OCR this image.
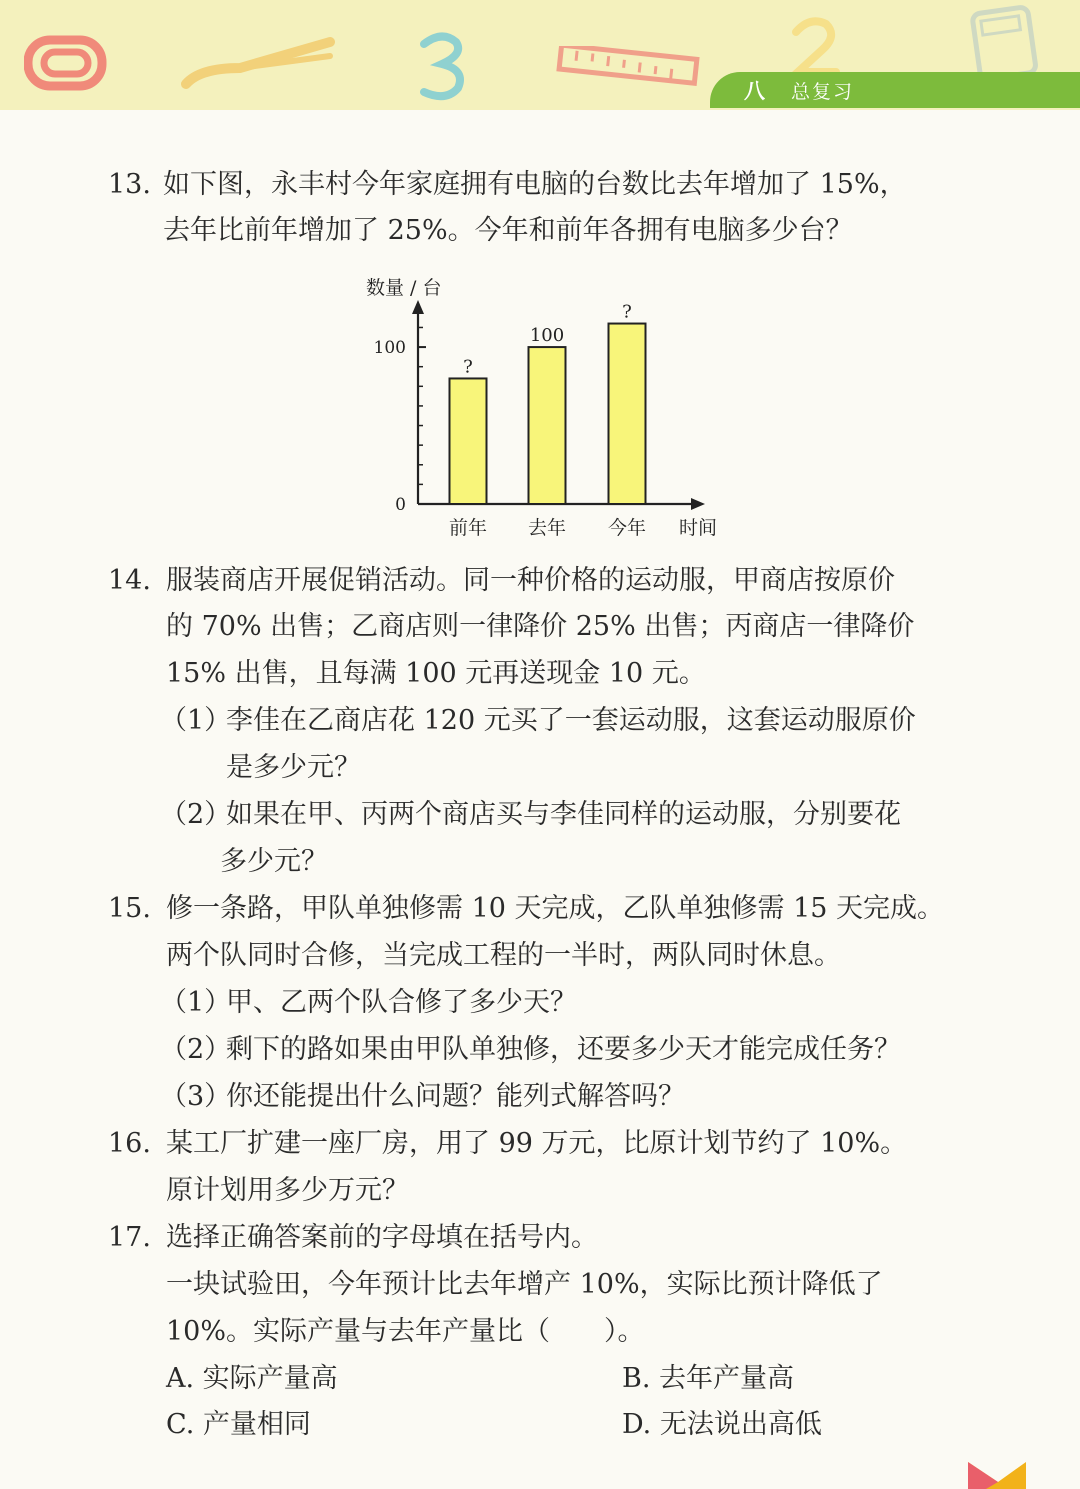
八 总复习
13. 如下图，永丰村今年家庭拥有电脑的台数比去年增加了 15%，
去年比前年增加了 25%。今年和前年各拥有电脑多少台？
数量 / 台
0
100
?
前年
100
去年
?
今年 时间
14. 服装商店开展促销活动。同一种价格的运动服，甲商店按原价
的 70% 出售；乙商店则一律降价 25% 出售；丙商店一律降价
15% 出售，且每满 100 元再送现金 10 元。
（1）
李佳在乙商店花 120 元买了一套运动服，这套运动服原价
是多少元？
（2）
如果在甲、丙两个商店买与李佳同样的运动服，分别要花
多少元？
15. 修一条路，甲队单独修需 10 天完成，乙队单独修需 15 天完成。
两个队同时合修，当完成工程的一半时，两队同时休息。
（1）
甲、乙两个队合修了多少天？
（2）
剩下的路如果由甲队单独修，还要多少天才能完成任务？
（3）
你还能提出什么问题？能列式解答吗？
16. 某工厂扩建一座厂房，用了 99 万元，比原计划节约了 10%。
原计划用多少万元？
17. 选择正确答案前的字母填在括号内。
一块试验田，今年预计比去年增产 10%，实际比预计降低了
10%。实际产量与去年产量比（　　）。
A. 实际产量高	B. 去年产量高
C. 产量相同	D. 无法说出高低
